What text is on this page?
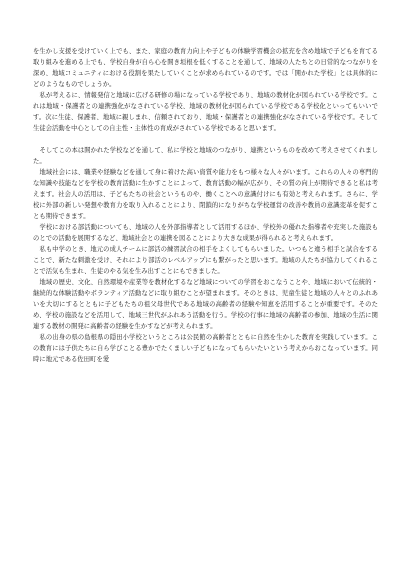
を生かし支援を受けていく上でも、また、家庭の教育力向上や子どもの体験学習機会の拡充を含め地域で子どもを育てる取り組みを進める上でも、学校自身が自ら心を開き垣根を低くすることを通して、地域の人たちとの日常的なつながりを深め、地域コミュニティにおける役割を果たしていくことが求められているのです。では「開かれた学校」とは具体的にどのようなものでしょうか。

私が考えるに、情報発信と地域に広げる研修の場になっている学校であり、地域の教材化が図られている学校です。これは地域・保護者との連携強化がなされている学校、地域の教材化が図られている学校である学校化といってもいいです。次に生徒、保護者、地域に親しまれ、信頼されており、地域・保護者との連携強化がなされている学校です。そして生徒会活動を中心としての自主性・主体性の育成がされている学校であると思います。

そしてこの本は開かれた学校などを通して、私に学校と地域のつながり、連携というものを改めて考えさせてくれました。

地域社会には、職業や経験などを通して身に着けた高い資質や能力をもつ様々な人々がいます。これらの人々の専門的な知識や技能などを学校の教育活動に生かすことによって、教育活動の幅が広がり、その質の向上が期待できると私は考えます。社会人の活用は、子どもたちの社会というものや、働くことへの意識付けにも有効と考えられます。さらに、学校に外部の新しい発想や教育力を取り入れることにより、閉鎖的になりがちな学校運営の改善や教員の意識変革を促すことも期待できます。

学校における部活動についても、地域の人を外部指導者として活用するほか、学校外の優れた指導者や充実した施設ものとでの活動を展開するなど、地域社会との連携を図ることにより大きな成果が得られると考えられます。

私も中学のとき、地元の成人チームに部活の練習試合の相手をよくしてもらいました。いつもと違う相手と試合をすることで、新たな刺激を受け、それにより部活のレベルアップにも繋がったと思います。地域の人たちが協力してくれることで活気も生まれ、生徒のやる気を生み出すことにもできました。

地域の歴史、文化、自然環境や産業等を教材化するなど地域についての学習をおこなうことや、地域において伝統的・継続的な体験活動やボランティア活動などに取り組むことが望まれます。そのときは、児童生徒と地域の人々とのふれあいを大切にするとともに子どもたちの祖父母世代である地域の高齢者の経験や知恵を活用することが重要です。そのため、学校の施設などを活用して、地域三世代がふれあう活動を行う。学校の行事に地域の高齢者の参加、地域の生活に関連する教材の開発に高齢者の経験を生かすなどが考えられます。

私の出身の県の島根県の隠田小学校というところは公民館の高齢者とともに自然を生かした教育を実践しています。この教育には子供たちに自ら学びことる豊かでたくましい子どもになってもらいたいという考えからおこなっています。同時に地元である佐田町を愛
